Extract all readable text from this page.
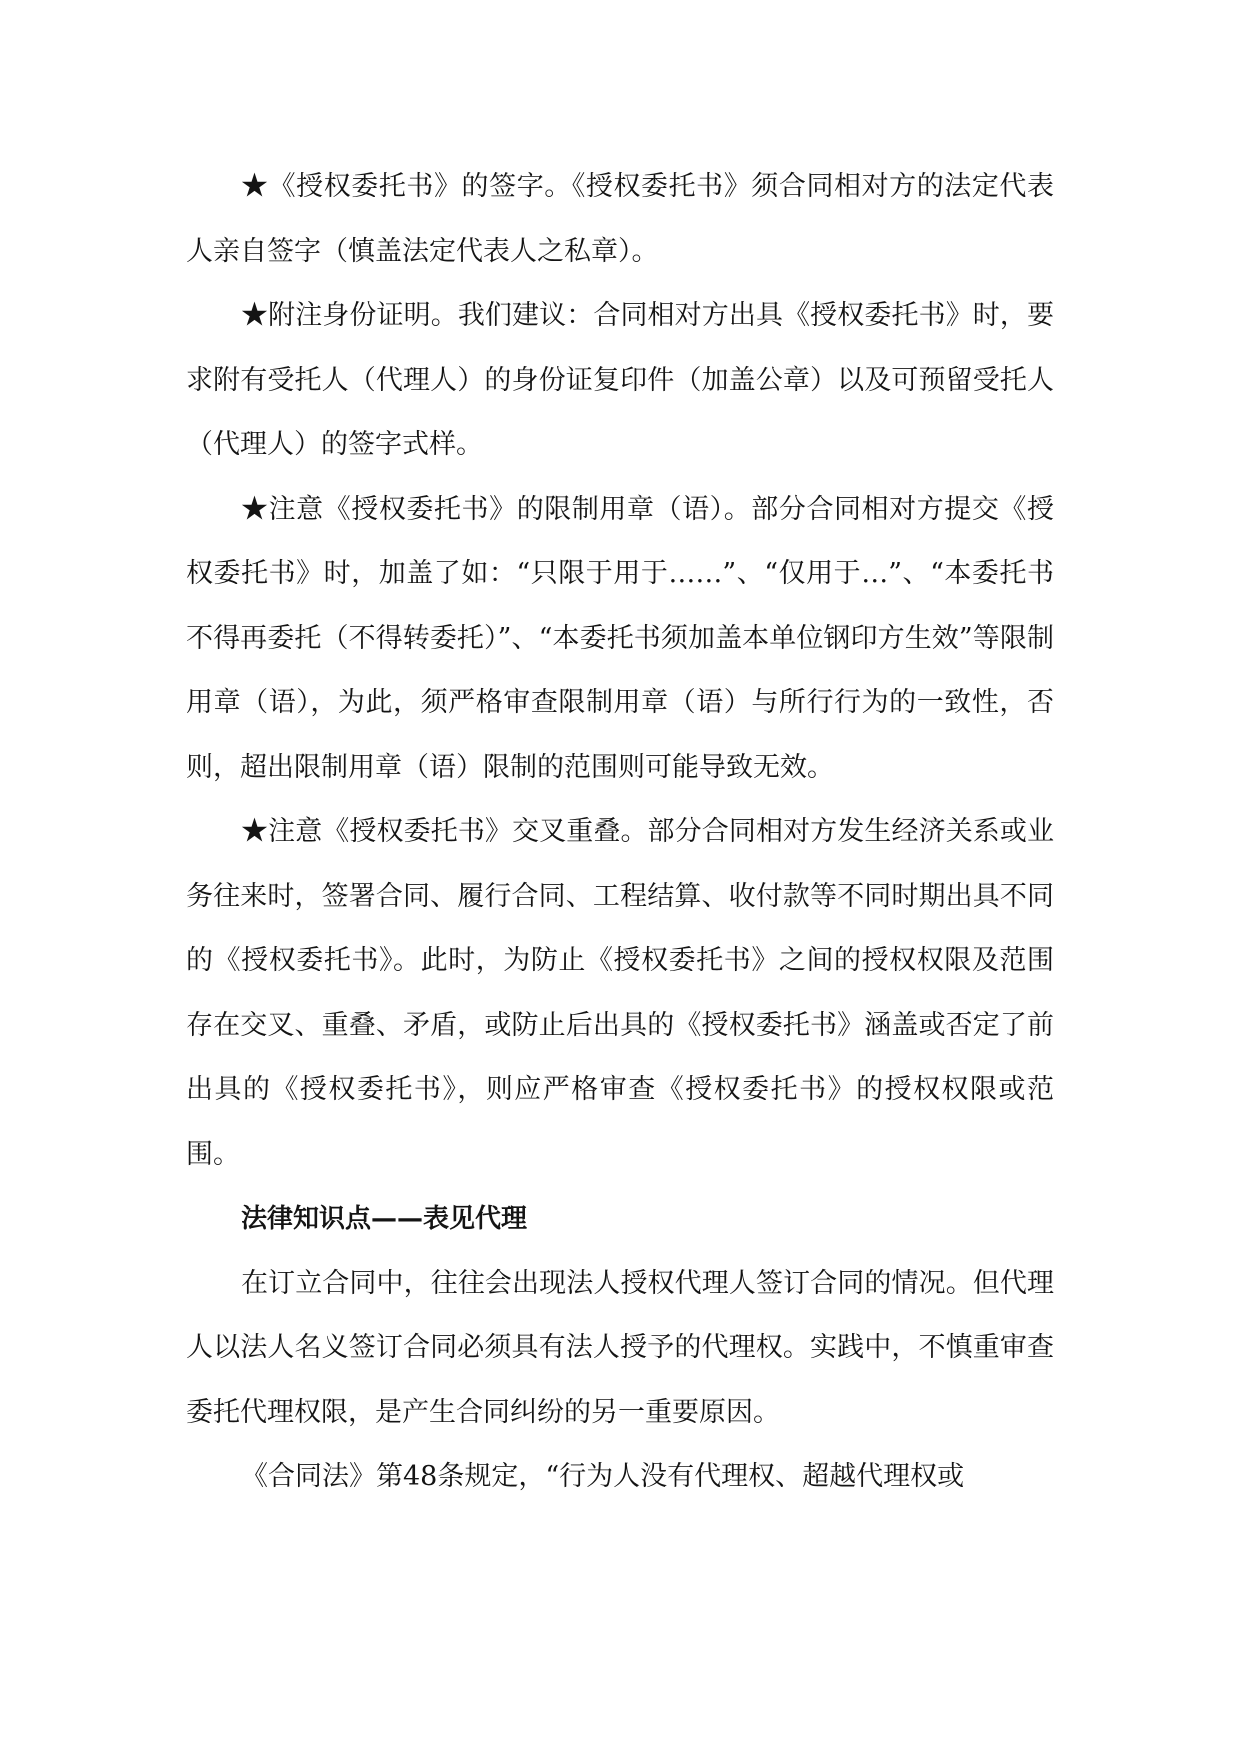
★《授权委托书》的签字。《授权委托书》须合同相对方的法定代表人亲自签字（慎盖法定代表人之私章）。

★附注身份证明。我们建议：合同相对方出具《授权委托书》时，要求附有受托人（代理人）的身份证复印件（加盖公章）以及可预留受托人（代理人）的签字式样。

★注意《授权委托书》的限制用章（语）。部分合同相对方提交《授权委托书》时，加盖了如：“只限于用于……”、“仅用于…”、“本委托书不得再委托（不得转委托）”、“本委托书须加盖本单位钢印方生效”等限制用章（语），为此，须严格审查限制用章（语）与所行行为的一致性，否则，超出限制用章（语）限制的范围则可能导致无效。

★注意《授权委托书》交叉重叠。部分合同相对方发生经济关系或业务往来时，签署合同、履行合同、工程结算、收付款等不同时期出具不同的《授权委托书》。此时，为防止《授权委托书》之间的授权权限及范围存在交叉、重叠、矛盾，或防止后出具的《授权委托书》涵盖或否定了前出具的《授权委托书》，则应严格审查《授权委托书》的授权权限或范围。

法律知识点——表见代理

在订立合同中，往往会出现法人授权代理人签订合同的情况。但代理人以法人名义签订合同必须具有法人授予的代理权。实践中，不慎重审查委托代理权限，是产生合同纠纷的另一重要原因。

《合同法》第48条规定，“行为人没有代理权、超越代理权或
